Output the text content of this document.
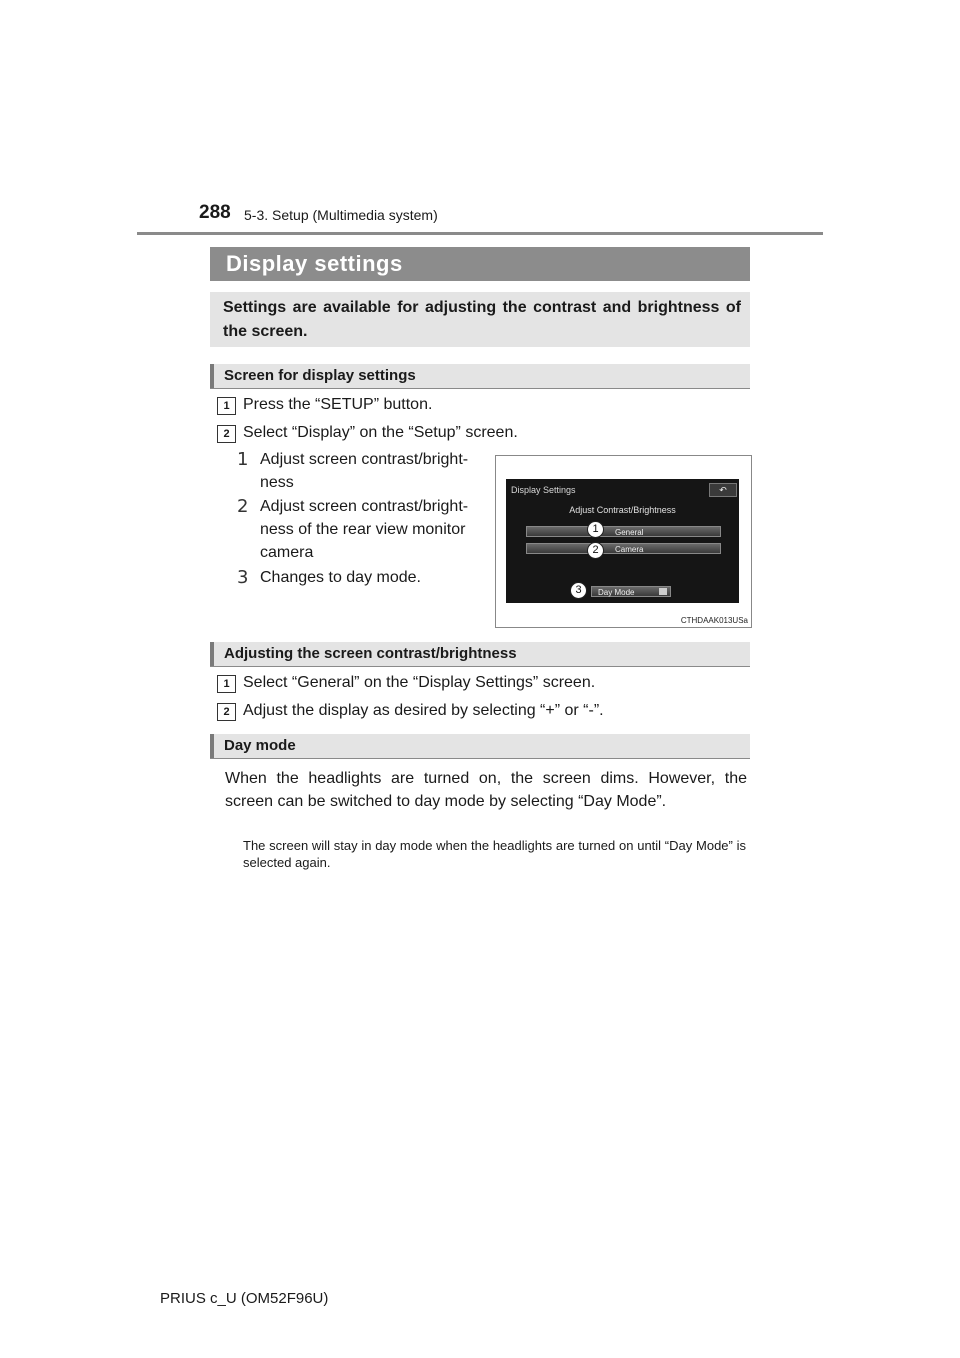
288 5-3. Setup (Multimedia system)
Display settings
Settings are available for adjusting the contrast and brightness of the screen.
Screen for display settings
1 Press the “SETUP” button.
2 Select “Display” on the “Setup” screen.
1 Adjust screen contrast/bright- ness
2 Adjust screen contrast/bright- ness of the rear view monitor camera
3 Changes to day mode.
Display Settings	↶
Adjust Contrast/Brightness
General
Camera
Day Mode
1
2
3
CTHDAAK013USa
Adjusting the screen contrast/brightness
1 Select “General” on the “Display Settings” screen.
2 Adjust the display as desired by selecting “+” or “-”.
Day mode
When the headlights are turned on, the screen dims. However, the screen can be switched to day mode by selecting “Day Mode”.
The screen will stay in day mode when the headlights are turned on until “Day Mode” is selected again.
PRIUS c_U (OM52F96U)
